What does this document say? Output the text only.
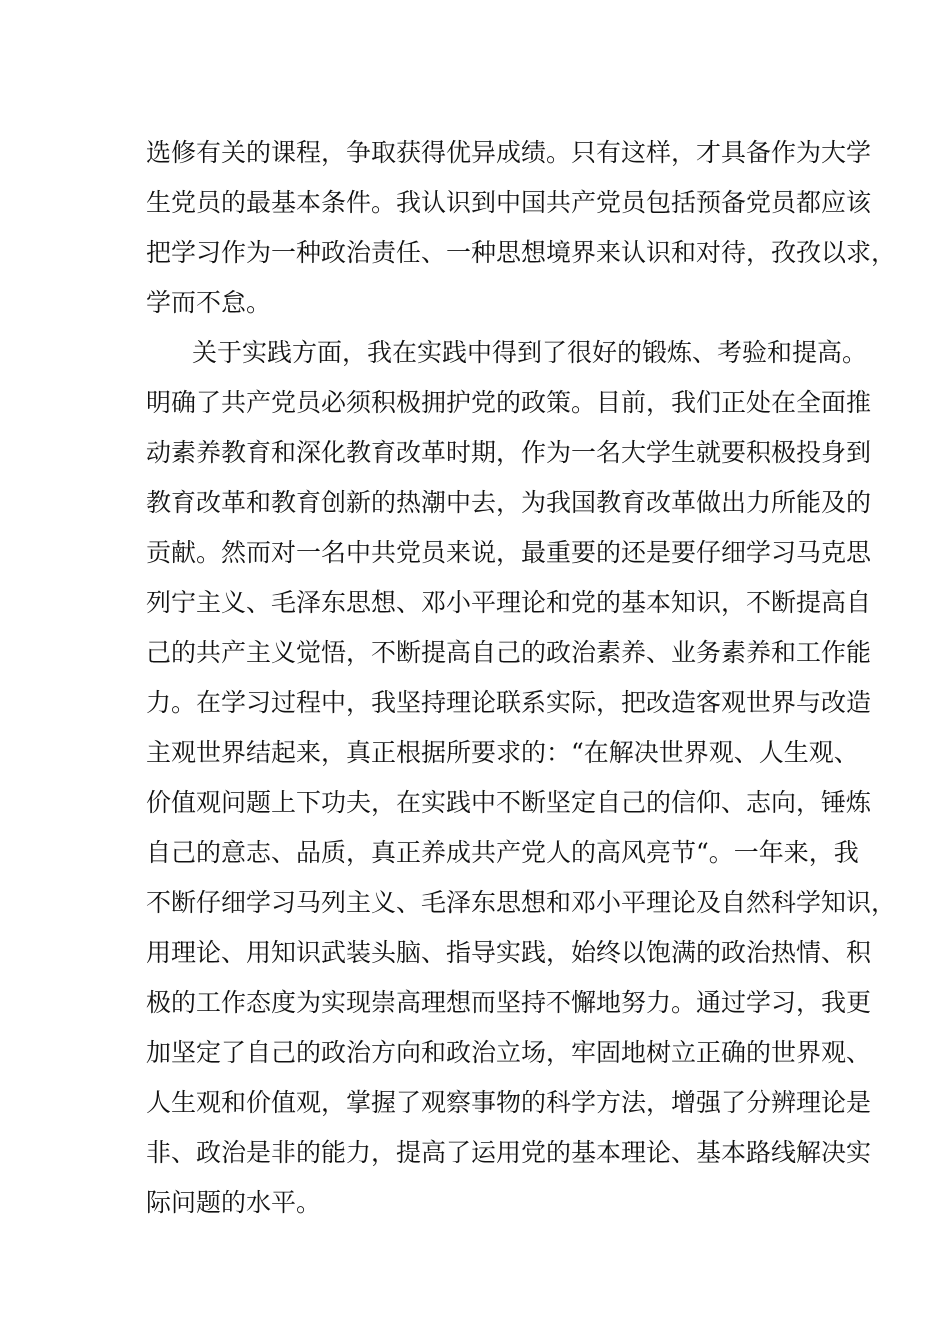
选修有关的课程，争取获得优异成绩。只有这样，才具备作为大学
生党员的最基本条件。我认识到中国共产党员包括预备党员都应该
把学习作为一种政治责任、一种思想境界来认识和对待，孜孜以求，
学而不怠。
关于实践方面，我在实践中得到了很好的锻炼、考验和提高。
明确了共产党员必须积极拥护党的政策。目前，我们正处在全面推
动素养教育和深化教育改革时期，作为一名大学生就要积极投身到
教育改革和教育创新的热潮中去，为我国教育改革做出力所能及的
贡献。然而对一名中共党员来说，最重要的还是要仔细学习马克思
列宁主义、毛泽东思想、邓小平理论和党的基本知识，不断提高自
己的共产主义觉悟，不断提高自己的政治素养、业务素养和工作能
力。在学习过程中，我坚持理论联系实际，把改造客观世界与改造
主观世界结起来，真正根据所要求的：“在解决世界观、人生观、
价值观问题上下功夫，在实践中不断坚定自己的信仰、志向，锤炼
自己的意志、品质，真正养成共产党人的高风亮节“。一年来，我
不断仔细学习马列主义、毛泽东思想和邓小平理论及自然科学知识，
用理论、用知识武装头脑、指导实践，始终以饱满的政治热情、积
极的工作态度为实现崇高理想而坚持不懈地努力。通过学习，我更
加坚定了自己的政治方向和政治立场，牢固地树立正确的世界观、
人生观和价值观，掌握了观察事物的科学方法，增强了分辨理论是
非、政治是非的能力，提高了运用党的基本理论、基本路线解决实
际问题的水平。
